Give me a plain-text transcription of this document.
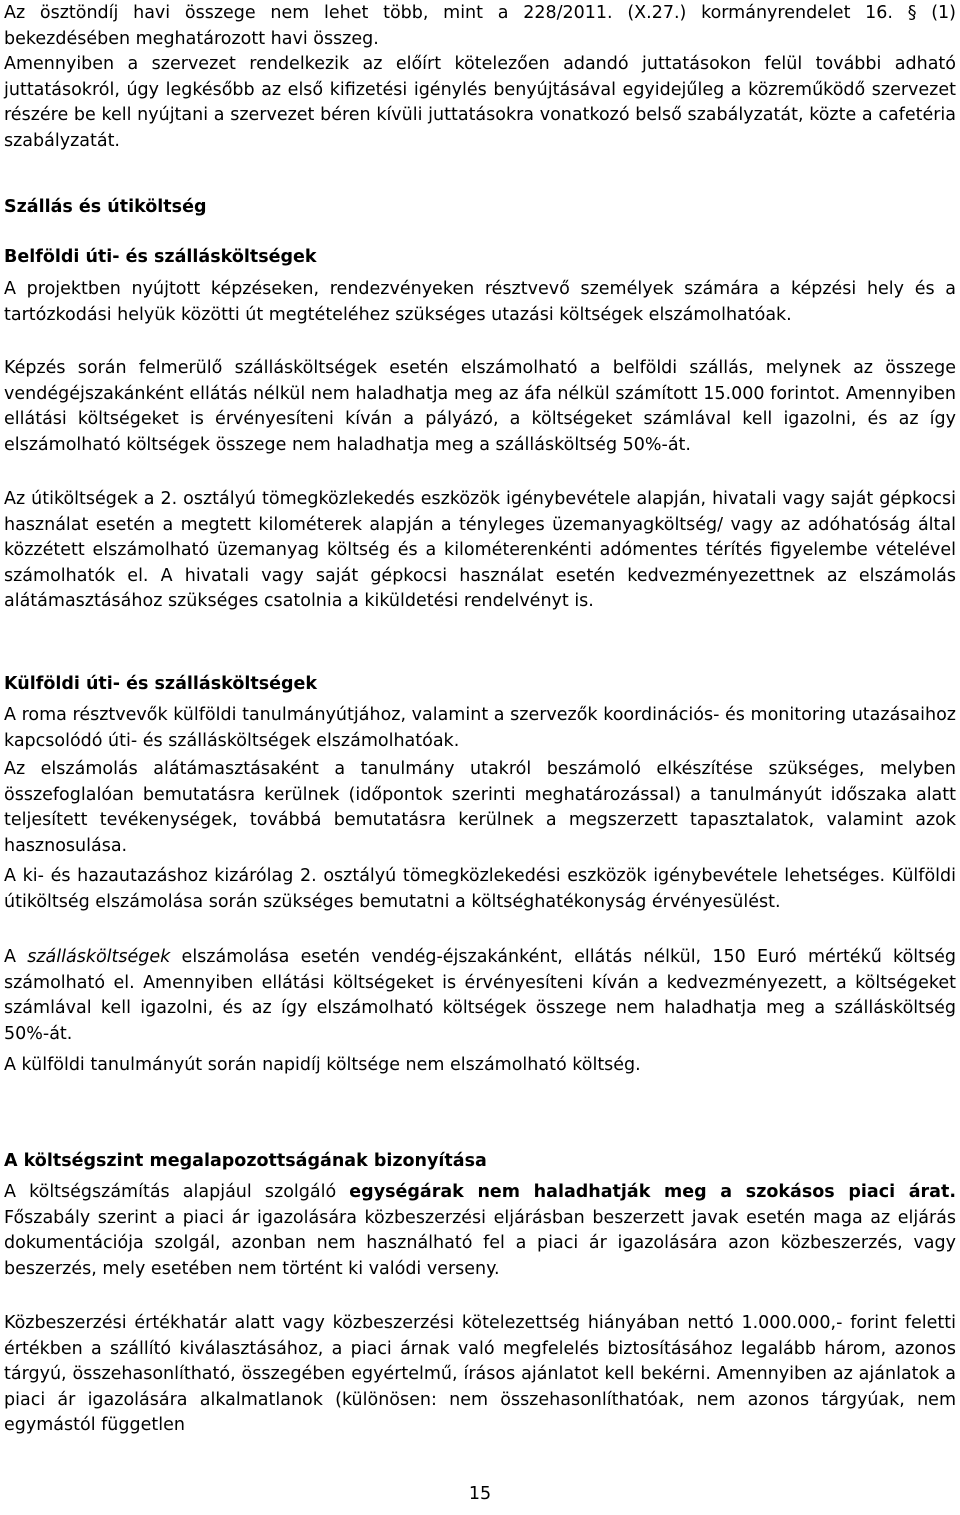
Az ösztöndíj havi összege nem lehet több, mint a 228/2011. (X.27.) kormányrendelet 16. § (1) bekezdésében meghatározott havi összeg.

Amennyiben a szervezet rendelkezik az előírt kötelezően adandó juttatásokon felül további adható juttatásokról, úgy legkésőbb az első kifizetési igénylés benyújtásával egyidejűleg a közreműködő szervezet részére be kell nyújtani a szervezet béren kívüli juttatásokra vonatkozó belső szabályzatát, közte a cafetéria szabályzatát.

Szállás és útiköltség
Belföldi úti- és szállásköltségek

A projektben nyújtott képzéseken, rendezvényeken résztvevő személyek számára a képzési hely és a tartózkodási helyük közötti út megtételéhez szükséges utazási költségek elszámolhatóak.

Képzés során felmerülő szállásköltségek esetén elszámolható a belföldi szállás, melynek az összege vendégéjszakánként ellátás nélkül nem haladhatja meg az áfa nélkül számított 15.000 forintot. Amennyiben ellátási költségeket is érvényesíteni kíván a pályázó, a költségeket számlával kell igazolni, és az így elszámolható költségek összege nem haladhatja meg a szállásköltség 50%-át.

Az útiköltségek a 2. osztályú tömegközlekedés eszközök igénybevétele alapján, hivatali vagy saját gépkocsi használat esetén a megtett kilométerek alapján a tényleges üzemanyagköltség/ vagy az adóhatóság által közzétett elszámolható üzemanyag költség és a kilométerenkénti adómentes térítés figyelembe vételével számolhatók el. A hivatali vagy saját gépkocsi használat esetén kedvezményezettnek az elszámolás alátámasztásához szükséges csatolnia a kiküldetési rendelvényt is.

Külföldi úti- és szállásköltségek

A roma résztvevők külföldi tanulmányútjához, valamint a szervezők koordinációs- és monitoring utazásaihoz kapcsolódó úti- és szállásköltségek elszámolhatóak.

Az elszámolás alátámasztásaként a tanulmány utakról beszámoló elkészítése szükséges, melyben összefoglalóan bemutatásra kerülnek (időpontok szerinti meghatározással) a tanulmányút időszaka alatt teljesített tevékenységek, továbbá bemutatásra kerülnek a megszerzett tapasztalatok, valamint azok hasznosulása.

A ki- és hazautazáshoz kizárólag 2. osztályú tömegközlekedési eszközök igénybevétele lehetséges. Külföldi útiköltség elszámolása során szükséges bemutatni a költséghatékonyság érvényesülést.

A szállásköltségek elszámolása esetén vendég-éjszakánként, ellátás nélkül, 150 Euró mértékű költség számolható el. Amennyiben ellátási költségeket is érvényesíteni kíván a kedvezményezett, a költségeket számlával kell igazolni, és az így elszámolható költségek összege nem haladhatja meg a szállásköltség 50%-át.

A külföldi tanulmányút során napidíj költsége nem elszámolható költség.

A költségszint megalapozottságának bizonyítása

A költségszámítás alapjául szolgáló egységárak nem haladhatják meg a szokásos piaci árat. Főszabály szerint a piaci ár igazolására közbeszerzési eljárásban beszerzett javak esetén maga az eljárás dokumentációja szolgál, azonban nem használható fel a piaci ár igazolására azon közbeszerzés, vagy beszerzés, mely esetében nem történt ki valódi verseny.

Közbeszerzési értékhatár alatt vagy közbeszerzési kötelezettség hiányában nettó 1.000.000,- forint feletti értékben a szállító kiválasztásához, a piaci árnak való megfelelés biztosításához legalább három, azonos tárgyú, összehasonlítható, összegében egyértelmű, írásos ajánlatot kell bekérni. Amennyiben az ajánlatok a piaci ár igazolására alkalmatlanok (különösen: nem összehasonlíthatóak, nem azonos tárgyúak, nem egymástól független

15
